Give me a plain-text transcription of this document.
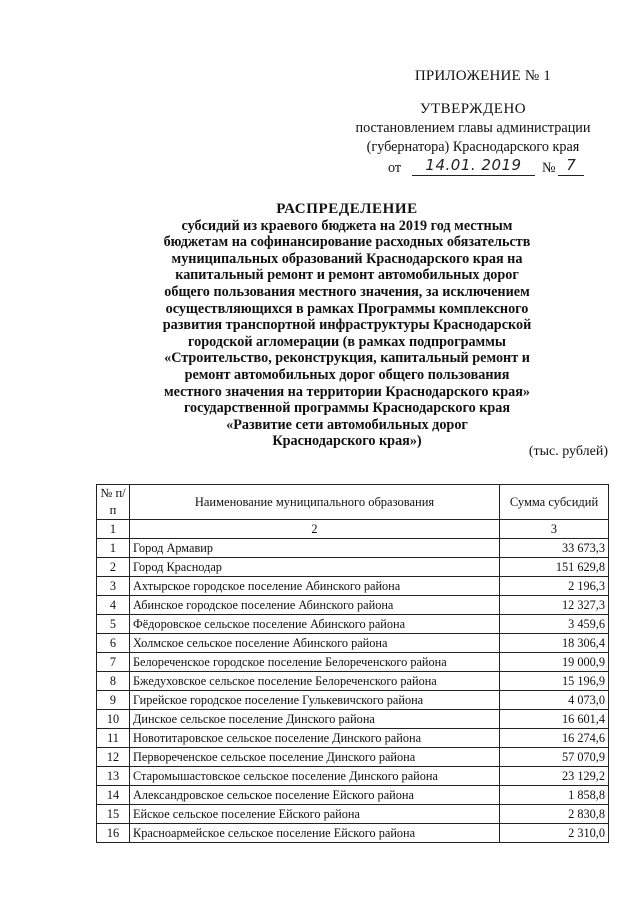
ПРИЛОЖЕНИЕ № 1
УТВЕРЖДЕНО
постановлением главы администрации
(губернатора) Краснодарского края
от	14.01. 2019	№ 7
РАСПРЕДЕЛЕНИЕ
субсидий из краевого бюджета на 2019 год местным
бюджетам на софинансирование расходных обязательств
муниципальных образований Краснодарского края на
капитальный ремонт и ремонт автомобильных дорог
общего пользования местного значения, за исключением
осуществляющихся в рамках Программы комплексного
развития транспортной инфраструктуры Краснодарской
городской агломерации (в рамках подпрограммы
«Строительство, реконструкция, капитальный ремонт и
ремонт автомобильных дорог общего пользования
местного значения на территории Краснодарского края»
государственной программы Краснодарского края
«Развитие сети автомобильных дорог
Краснодарского края»)
(тыс. рублей)
№ п/п	Наименование муниципального образования	Сумма субсидий
1	2	3
1	Город Армавир	33 673,3
2	Город Краснодар	151 629,8
3	Ахтырское городское поселение Абинского района	2 196,3
4	Абинское городское поселение Абинского района	12 327,3
5	Фёдоровское сельское поселение Абинского района	3 459,6
6	Холмское сельское поселение Абинского района	18 306,4
7	Белореченское городское поселение Белореченского района	19 000,9
8	Бжедуховское сельское поселение Белореченского района	15 196,9
9	Гирейское городское поселение Гулькевичского района	4 073,0
10	Динское сельское поселение Динского района	16 601,4
11	Новотитаровское сельское поселение Динского района	16 274,6
12	Первореченское сельское поселение Динского района	57 070,9
13	Старомышастовское сельское поселение Динского района	23 129,2
14	Александровское сельское поселение Ейского района	1 858,8
15	Ейское сельское поселение Ейского района	2 830,8
16	Красноармейское сельское поселение Ейского района	2 310,0
